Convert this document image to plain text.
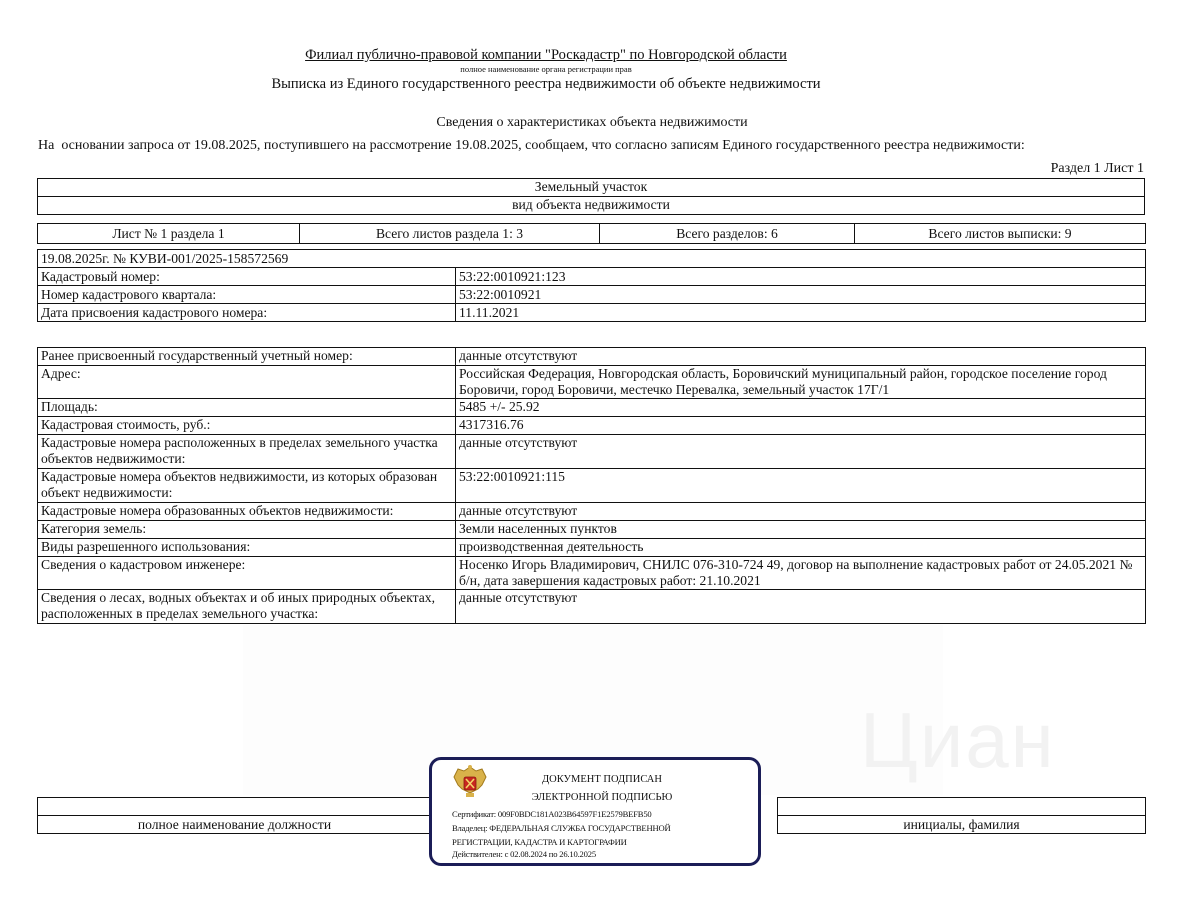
Циан
Филиал публично-правовой компании "Роскадастр" по Новгородской области
полное наименование органа регистрации прав
Выписка из Единого государственного реестра недвижимости об объекте недвижимости
Сведения о характеристиках объекта недвижимости
На  основании запроса от 19.08.2025, поступившего на рассмотрение 19.08.2025, сообщаем, что согласно записям Единого государственного реестра недвижимости:
Раздел 1 Лист 1
Земельный участок
вид объекта недвижимости
Лист № 1 раздела 1	Всего листов раздела 1: 3	Всего разделов: 6	Всего листов выписки: 9
19.08.2025г. № КУВИ-001/2025-158572569	
Кадастровый номер:	53:22:0010921:123
Номер кадастрового квартала:	53:22:0010921
Дата присвоения кадастрового номера:	11.11.2021
Ранее присвоенный государственный учетный номер:	данные отсутствуют
Адрес:	Российская Федерация, Новгородская область, Боровичский муниципальный район, городское поселение город Боровичи, город Боровичи, местечко Перевалка, земельный участок 17Г/1
Площадь:	5485 +/- 25.92
Кадастровая стоимость, руб.:	4317316.76
Кадастровые номера расположенных в пределах земельного участка объектов недвижимости:	данные отсутствуют
Кадастровые номера объектов недвижимости, из которых образован объект недвижимости:	53:22:0010921:115
Кадастровые номера образованных объектов недвижимости:	данные отсутствуют
Категория земель:	Земли населенных пунктов
Виды разрешенного использования:	производственная деятельность
Сведения о кадастровом инженере:	Носенко Игорь Владимирович, СНИЛС 076-310-724 49, договор на выполнение кадастровых работ от 24.05.2021 № б/н, дата завершения кадастровых работ: 21.10.2021
Сведения о лесах, водных объектах и об иных природных объектах, расположенных в пределах земельного участка:	данные отсутствуют

полное наименование должности		инициалы, фамилия
ДОКУМЕНТ ПОДПИСАН
ЭЛЕКТРОННОЙ ПОДПИСЬЮ
Сертификат: 009F0BDC181A023B64597F1E2579BEFB50
Владелец: ФЕДЕРАЛЬНАЯ СЛУЖБА ГОСУДАРСТВЕННОЙ
РЕГИСТРАЦИИ, КАДАСТРА И КАРТОГРАФИИ
Действителен: с 02.08.2024 по 26.10.2025
